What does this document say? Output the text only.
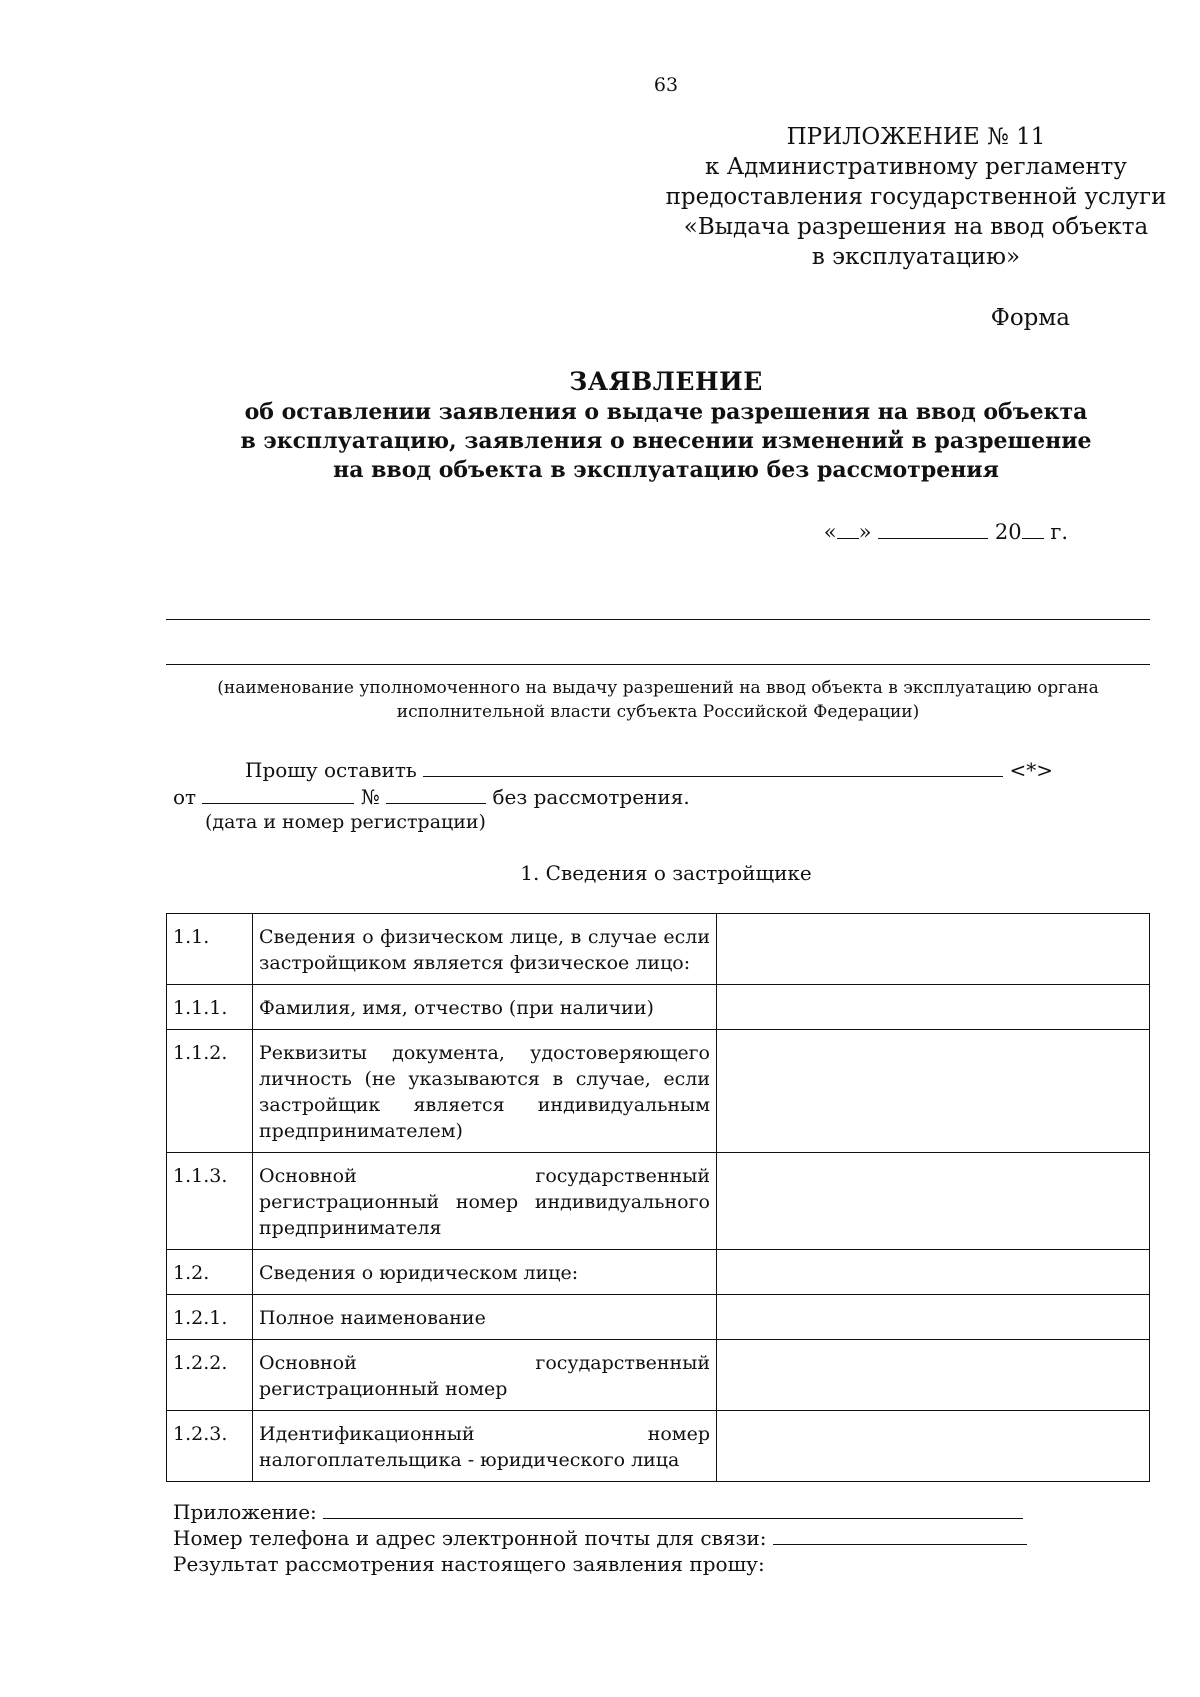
63
ПРИЛОЖЕНИЕ № 11
к Административному регламенту
предоставления государственной услуги
«Выдача разрешения на ввод объекта
в эксплуатацию»
Форма
ЗАЯВЛЕНИЕ
об оставлении заявления о выдаче разрешения на ввод объекта
в эксплуатацию, заявления о внесении изменений в разрешение
на ввод объекта в эксплуатацию без рассмотрения
« »	20 г.
(наименование уполномоченного на выдачу разрешений на ввод объекта в эксплуатацию органа
исполнительной власти субъекта Российской Федерации)
Прошу оставить	<*>
от	№	без рассмотрения.
(дата и номер регистрации)
1. Сведения о застройщике
1.1.	Сведения о физическом лице, в случае если застройщиком является физическое лицо:	
1.1.1.	Фамилия, имя, отчество (при наличии)	
1.1.2.	Реквизиты документа, удостоверяющего личность (не указываются в случае, если застройщик является индивидуальным предпринимателем)	
1.1.3.	Основной государственный регистрационный номер индивидуального предпринимателя	
1.2.	Сведения о юридическом лице:	
1.2.1.	Полное наименование	
1.2.2.	Основной государственный регистрационный номер	
1.2.3.	Идентификационный номер налогоплательщика - юридического лица	
Приложение:
Номер телефона и адрес электронной почты для связи:
Результат рассмотрения настоящего заявления прошу:
